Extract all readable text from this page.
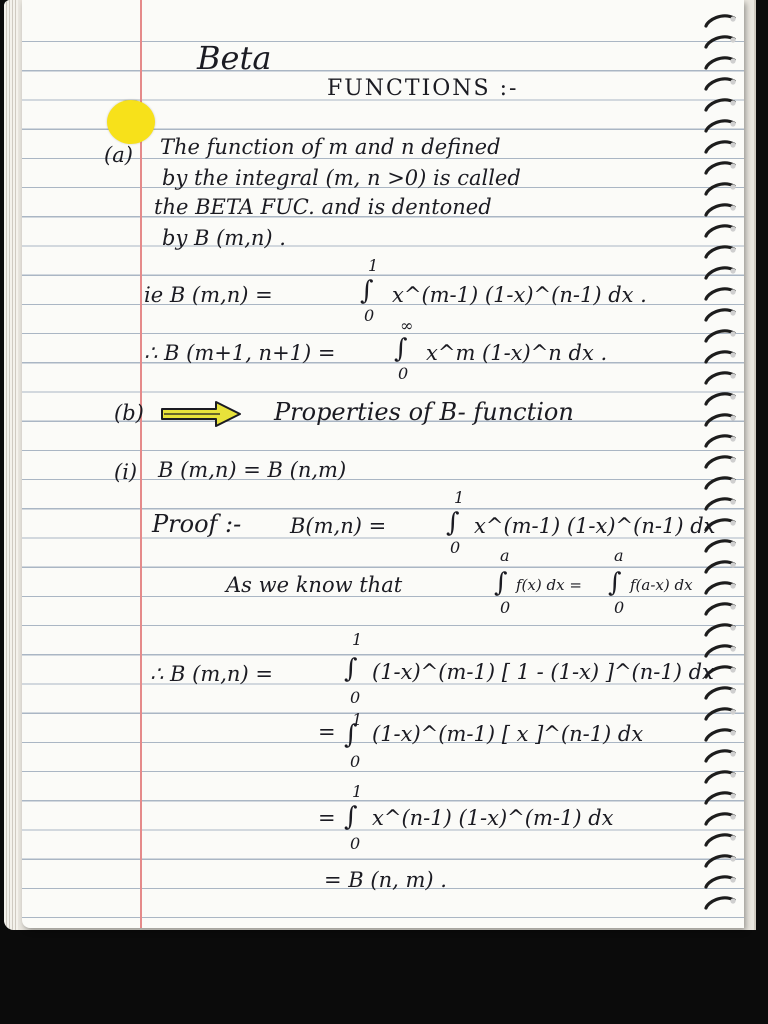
Beta
FUNCTIONS :-
(a) The function of m and n defined
by the integral (m, n >0) is called
the BETA FUC. and is dentoned
by B (m,n) .
ie B (m,n) =
1
∫
0
x^(m-1) (1-x)^(n-1) dx .
∴ B (m+1, n+1) =
∞
∫
0
x^m (1-x)^n dx .
(b)	Properties of B- function
(i) B (m,n) = B (n,m)
Proof :- B(m,n) =
1
∫
0
x^(m-1) (1-x)^(n-1) dx
As we know that
a
∫
0
f(x) dx =
a
∫
0
f(a-x) dx
∴ B (m,n) =
1
∫
0
(1-x)^(m-1) [ 1 - (1-x) ]^(n-1) dx
=
1
∫
0
(1-x)^(m-1) [ x ]^(n-1) dx
=
1
∫
0
x^(n-1) (1-x)^(m-1) dx
= B (n, m) .
